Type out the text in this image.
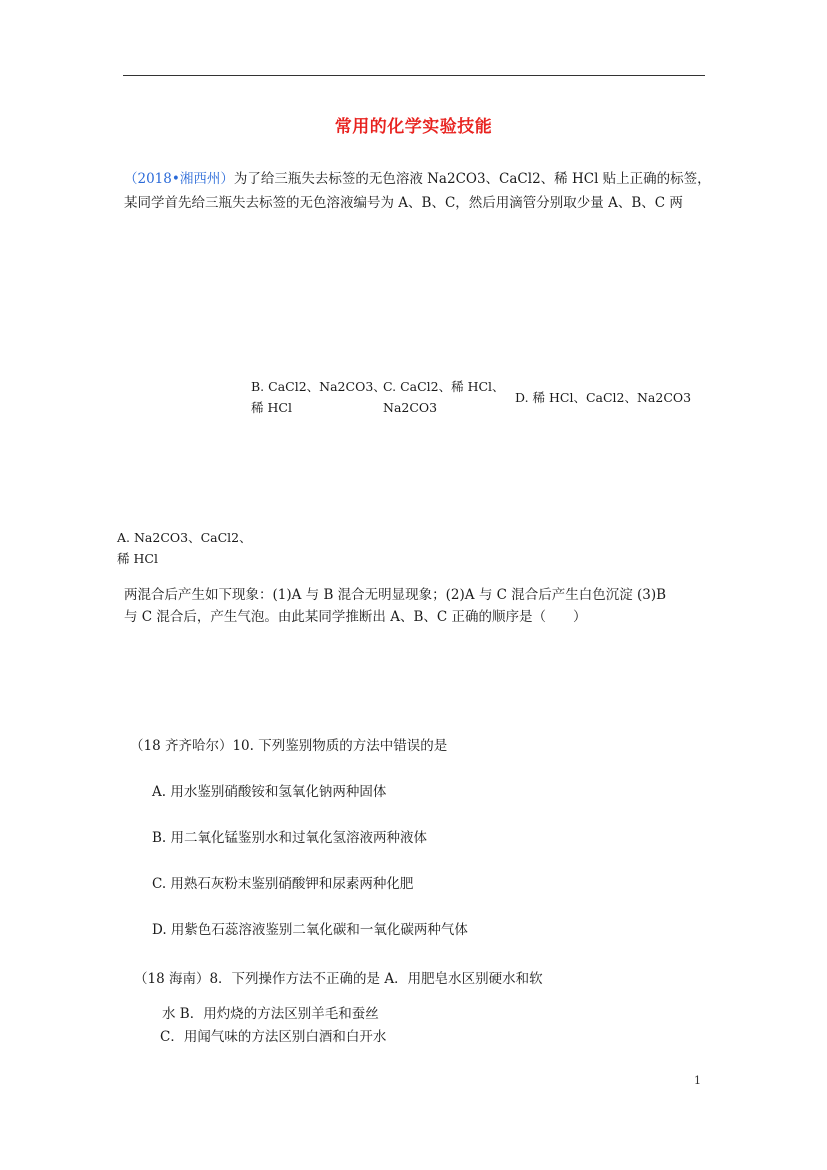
常用的化学实验技能
（2018•湘西州）为了给三瓶失去标签的无色溶液 Na2CO3、CaCl2、稀 HCl 贴上正确的标签，
某同学首先给三瓶失去标签的无色溶液编号为 A、B、C，然后用滴管分别取少量 A、B、C 两
B. CaCl2、Na2CO3、
稀 HCl
C. CaCl2、稀 HCl、
Na2CO3
D. 稀 HCl、CaCl2、Na2CO3
A. Na2CO3、CaCl2、
稀 HCl
两混合后产生如下现象：(1)A 与 B 混合无明显现象；(2)A 与 C 混合后产生白色沉淀 (3)B
与 C 混合后，产生气泡。由此某同学推断出 A、B、C 正确的顺序是（　　）
（18 齐齐哈尔）10. 下列鉴别物质的方法中错误的是
A. 用水鉴别硝酸铵和氢氧化钠两种固体
B. 用二氧化锰鉴别水和过氧化氢溶液两种液体
C. 用熟石灰粉末鉴别硝酸钾和尿素两种化肥
D. 用紫色石蕊溶液鉴别二氧化碳和一氧化碳两种气体
（18 海南）8．下列操作方法不正确的是 A．用肥皂水区别硬水和软
水 B．用灼烧的方法区别羊毛和蚕丝
C．用闻气味的方法区别白酒和白开水
1
